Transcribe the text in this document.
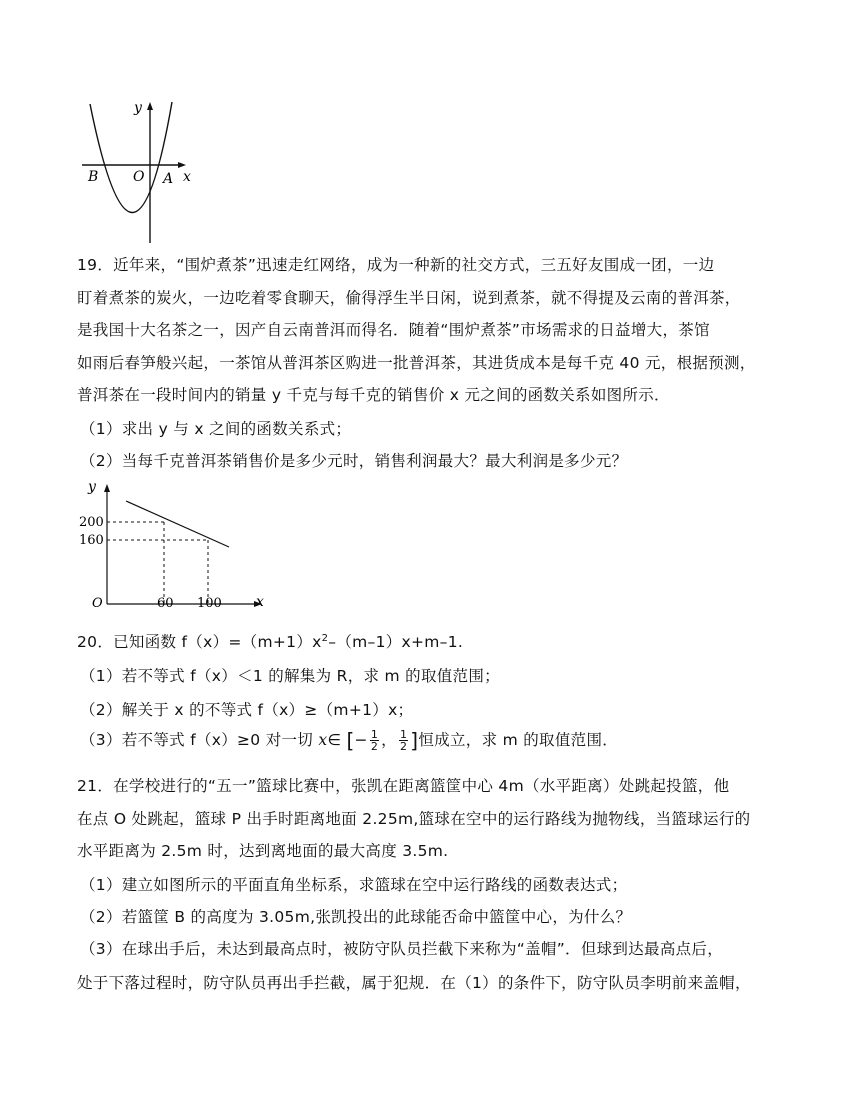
y
x
B O A
19．近年来，“围炉煮茶”迅速走红网络，成为一种新的社交方式，三五好友围成一团，一边
盯着煮茶的炭火，一边吃着零食聊天，偷得浮生半日闲，说到煮茶，就不得提及云南的普洱茶，
是我国十大名茶之一，因产自云南普洱而得名．随着“围炉煮茶”市场需求的日益增大，茶馆
如雨后春笋般兴起，一茶馆从普洱茶区购进一批普洱茶，其进货成本是每千克 40 元，根据预测，
普洱茶在一段时间内的销量 y 千克与每千克的销售价 x 元之间的函数关系如图所示．
（1）求出 y 与 x 之间的函数关系式；
（2）当每千克普洱茶销售价是多少元时，销售利润最大？最大利润是多少元？
y
x
O
200
160
60 100
20．已知函数 $f(x)=(m+1)x^2-(m-1)x+m-1$.
（1）若不等式 f（x）＜1 的解集为 R，求 m 的取值范围；
（2）解关于 x 的不等式 f（x）≥（m+1）x；
（3）若不等式 f（x）≥0 对一切 x∈ [− $\frac{1}{2}$ ， $\frac{1}{2}$ ]恒成立，求 m 的取值范围．
21．在学校进行的“五一”篮球比赛中，张凯在距离篮筐中心 4m（水平距离）处跳起投篮，他
在点 O 处跳起，篮球 P 出手时距离地面 2.25m,篮球在空中的运行路线为抛物线，当篮球运行的
水平距离为 2.5m 时，达到离地面的最大高度 3.5m.
（1）建立如图所示的平面直角坐标系，求篮球在空中运行路线的函数表达式；
（2）若篮筐 B 的高度为 3.05m,张凯投出的此球能否命中篮筐中心，为什么？
（3）在球出手后，未达到最高点时，被防守队员拦截下来称为“盖帽”．但球到达最高点后，
处于下落过程时，防守队员再出手拦截，属于犯规．在（1）的条件下，防守队员李明前来盖帽，
